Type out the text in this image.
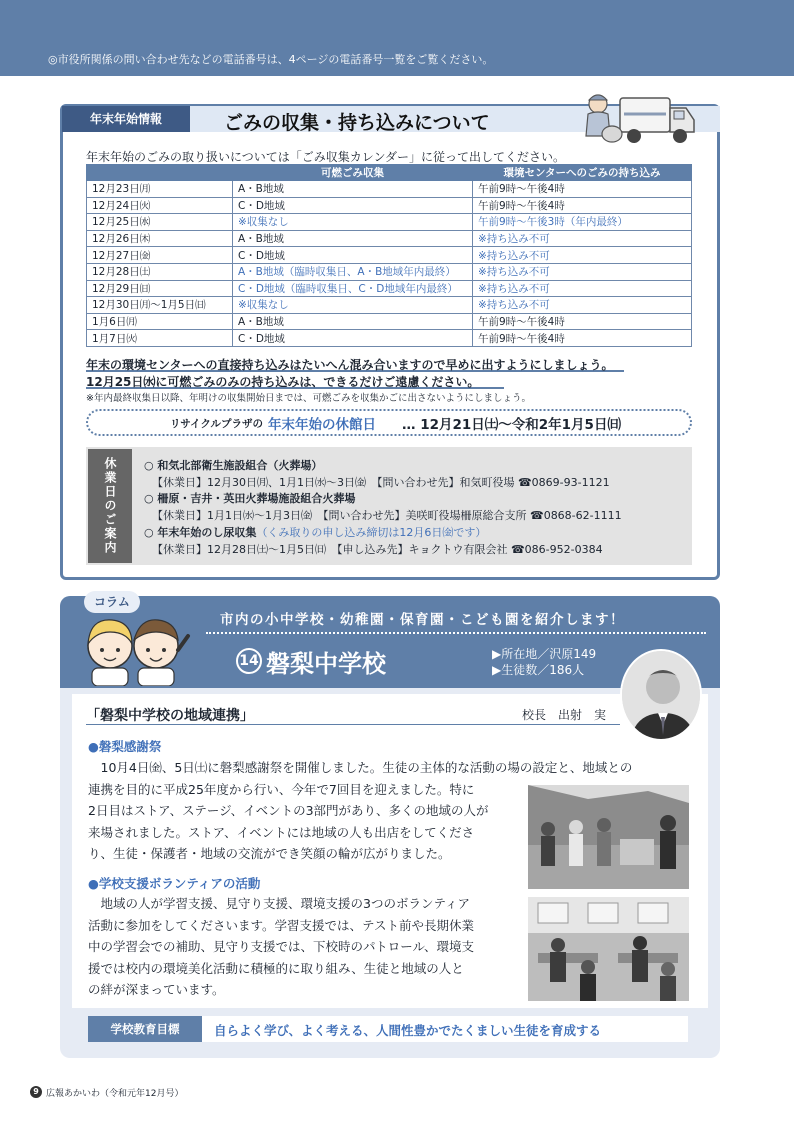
◎市役所関係の問い合わせ先などの電話番号は、4ページの電話番号一覧をご覧ください。
年末年始情報	ごみの収集・持ち込みについて
年末年始のごみの取り扱いについては「ごみ収集カレンダー」に従って出してください。
	可燃ごみ収集	環境センターへのごみの持ち込み
12月23日㈪	A・B地域	午前9時〜午後4時
12月24日㈫	C・D地域	午前9時〜午後4時
12月25日㈬	※収集なし	午前9時〜午後3時（年内最終）
12月26日㈭	A・B地域	※持ち込み不可
12月27日㈮	C・D地域	※持ち込み不可
12月28日㈯	A・B地域（臨時収集日、A・B地域年内最終）	※持ち込み不可
12月29日㈰	C・D地域（臨時収集日、C・D地域年内最終）	※持ち込み不可
12月30日㈪〜1月5日㈰	※収集なし	※持ち込み不可
1月6日㈪	A・B地域	午前9時〜午後4時
1月7日㈫	C・D地域	午前9時〜午後4時
年末の環境センターへの直接持ち込みはたいへん混み合いますので早めに出すようにしましょう。
12月25日㈬に可燃ごみのみの持ち込みは、できるだけご遠慮ください。
※年内最終収集日以降、年明けの収集開始日までは、可燃ごみを収集かごに出さないようにしましょう。
リサイクルプラザの 年末年始の休館日 … 12月21日㈯〜令和2年1月5日㈰
休業日のご案内	○ 和気北部衛生施設組合（火葬場）
【休業日】12月30日㈪、1月1日㈬〜3日㈮　【問い合わせ先】和気町役場 ☎0869-93-1121
○ 柵原・吉井・英田火葬場施設組合火葬場
【休業日】1月1日㈬〜1月3日㈮　【問い合わせ先】美咲町役場柵原総合支所 ☎0868-62-1111
○ 年末年始のし尿収集（くみ取りの申し込み締切は12月6日㈮です）
【休業日】12月28日㈯〜1月5日㈰　【申し込み先】キョクトウ有限会社 ☎086-952-0384
コラム
市内の小中学校・幼稚園・保育園・こども園を紹介します！
14 磐梨中学校	▶所在地／沢原149
▶生徒数／186人
「磐梨中学校の地域連携」	校長　出射　実
●磐梨感謝祭
　10月4日㈮、5日㈯に磐梨感謝祭を開催しました。生徒の主体的な活動の場の設定と、地域との
連携を目的に平成25年度から行い、今年で7回目を迎えました。特に
2日目はストア、ステージ、イベントの3部門があり、多くの地域の人が
来場されました。ストア、イベントには地域の人も出店をしてくださ
り、生徒・保護者・地域の交流ができ笑顔の輪が広がりました。
●学校支援ボランティアの活動
　地域の人が学習支援、見守り支援、環境支援の3つのボランティア
活動に参加をしてくださいます。学習支援では、テスト前や長期休業
中の学習会での補助、見守り支援では、下校時のパトロール、環境支
援では校内の環境美化活動に積極的に取り組み、生徒と地域の人と
の絆が深まっています。
学校教育目標	自らよく学び、よく考える、人間性豊かでたくましい生徒を育成する
9 広報あかいわ（令和元年12月号）
